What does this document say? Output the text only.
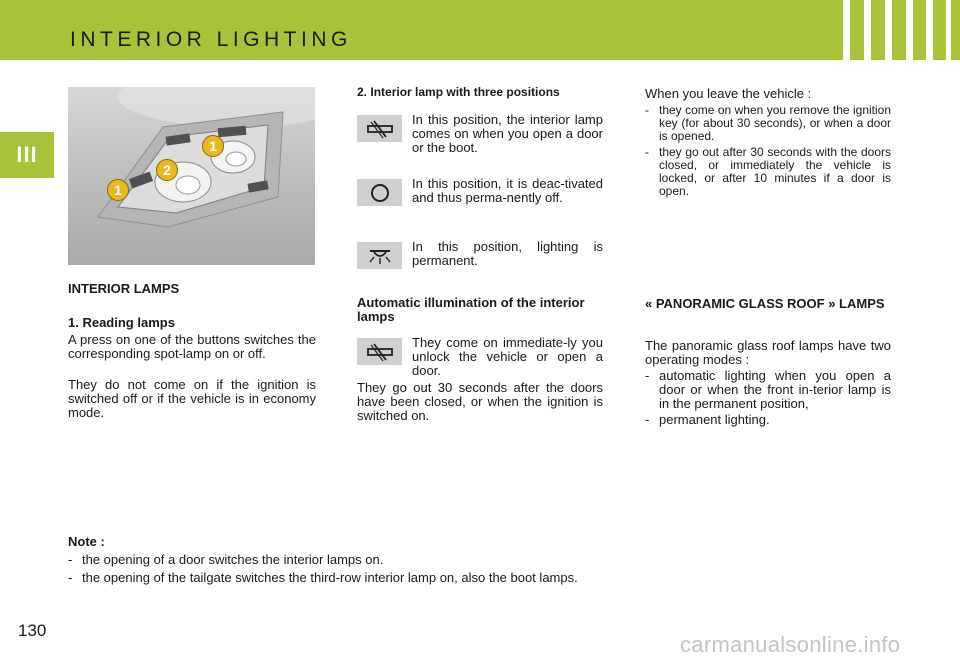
INTERIOR LIGHTING
III
1
2
1
INTERIOR LAMPS
1. Reading lamps
A press on one of the buttons switches the corresponding spot-lamp on or off.
They do not come on if the ignition is switched off or if the vehicle is in economy mode.
2. Interior lamp with three positions
In this position, the interior lamp comes on when you open a door or the boot.
In this position, it is deac-tivated and thus perma-nently off.
In this position, lighting is permanent.
Automatic illumination of the interior lamps
They come on immediate-ly you unlock the vehicle or open a door.
They go out 30 seconds after the doors have been closed, or when the ignition is switched on.
When you leave the vehicle :
- they come on when you remove the ignition key (for about 30 seconds), or when a door is opened.
- they go out after 30 seconds with the doors closed, or immediately the vehicle is locked, or after 10 minutes if a door is open.
« PANORAMIC GLASS ROOF » LAMPS
The panoramic glass roof lamps have two operating modes :
- automatic lighting when you open a door or when the front in-terior lamp is in the permanent position,
- permanent lighting.
Note :
- the opening of a door switches the interior lamps on.
- the opening of the tailgate switches the third-row interior lamp on, also the boot lamps.
130
carmanualsonline.info
